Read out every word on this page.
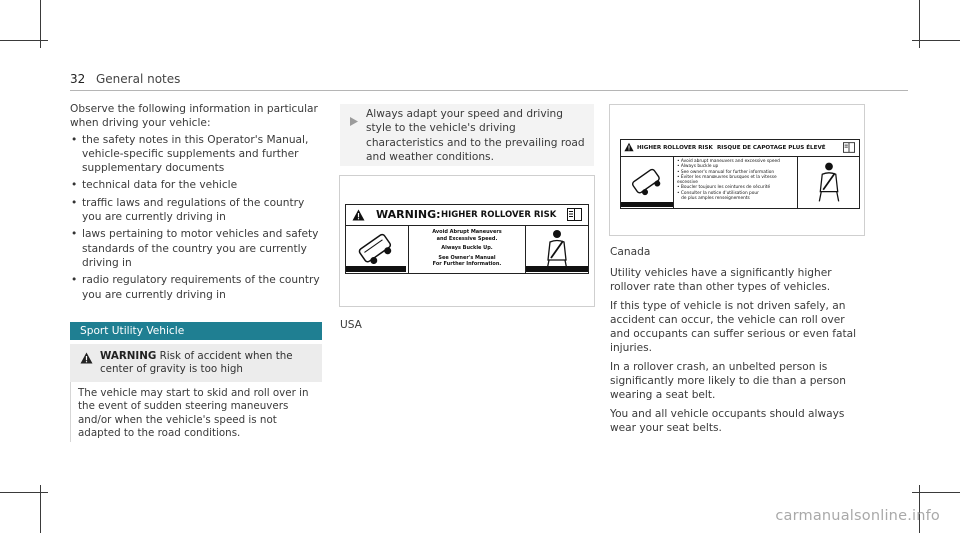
32 General notes

Observe the following information in particular when driving your vehicle:

• the safety notes in this Operator's Manual, vehicle-specific supplements and further supplementary documents
• technical data for the vehicle
• traffic laws and regulations of the country you are currently driving in
• laws pertaining to motor vehicles and safety standards of the country you are currently driving in
• radio regulatory requirements of the country you are currently driving in
Sport Utility Vehicle
WARNING Risk of accident when the center of gravity is too high
The vehicle may start to skid and roll over in the event of sudden steering maneuvers and/or when the vehicle's speed is not adapted to the road conditions.
Always adapt your speed and driving style to the vehicle's driving characteristics and to the prevailing road and weather conditions.
WARNING: HIGHER ROLLOVER RISK
Avoid Abrupt Maneuvers
and Excessive Speed.
Always Buckle Up.
See Owner's Manual
For Further Information.
USA
HIGHER ROLLOVER RISK RISQUE DE CAPOTAGE PLUS ÉLEVÉ
• Avoid abrupt maneuvers and excessive speed
• Always buckle up
• See owner's manual for further information
• Éviter les manœuvres brusques et la vitesse excessive
• Boucler toujours les ceintures de sécurité
• Consulter la notice d'utilisation pour
de plus amples renseignements
Canada

Utility vehicles have a significantly higher rollover rate than other types of vehicles.

If this type of vehicle is not driven safely, an accident can occur, the vehicle can roll over and occupants can suffer serious or even fatal injuries.

In a rollover crash, an unbelted person is significantly more likely to die than a person wearing a seat belt.

You and all vehicle occupants should always wear your seat belts.

carmanualsonline.info
